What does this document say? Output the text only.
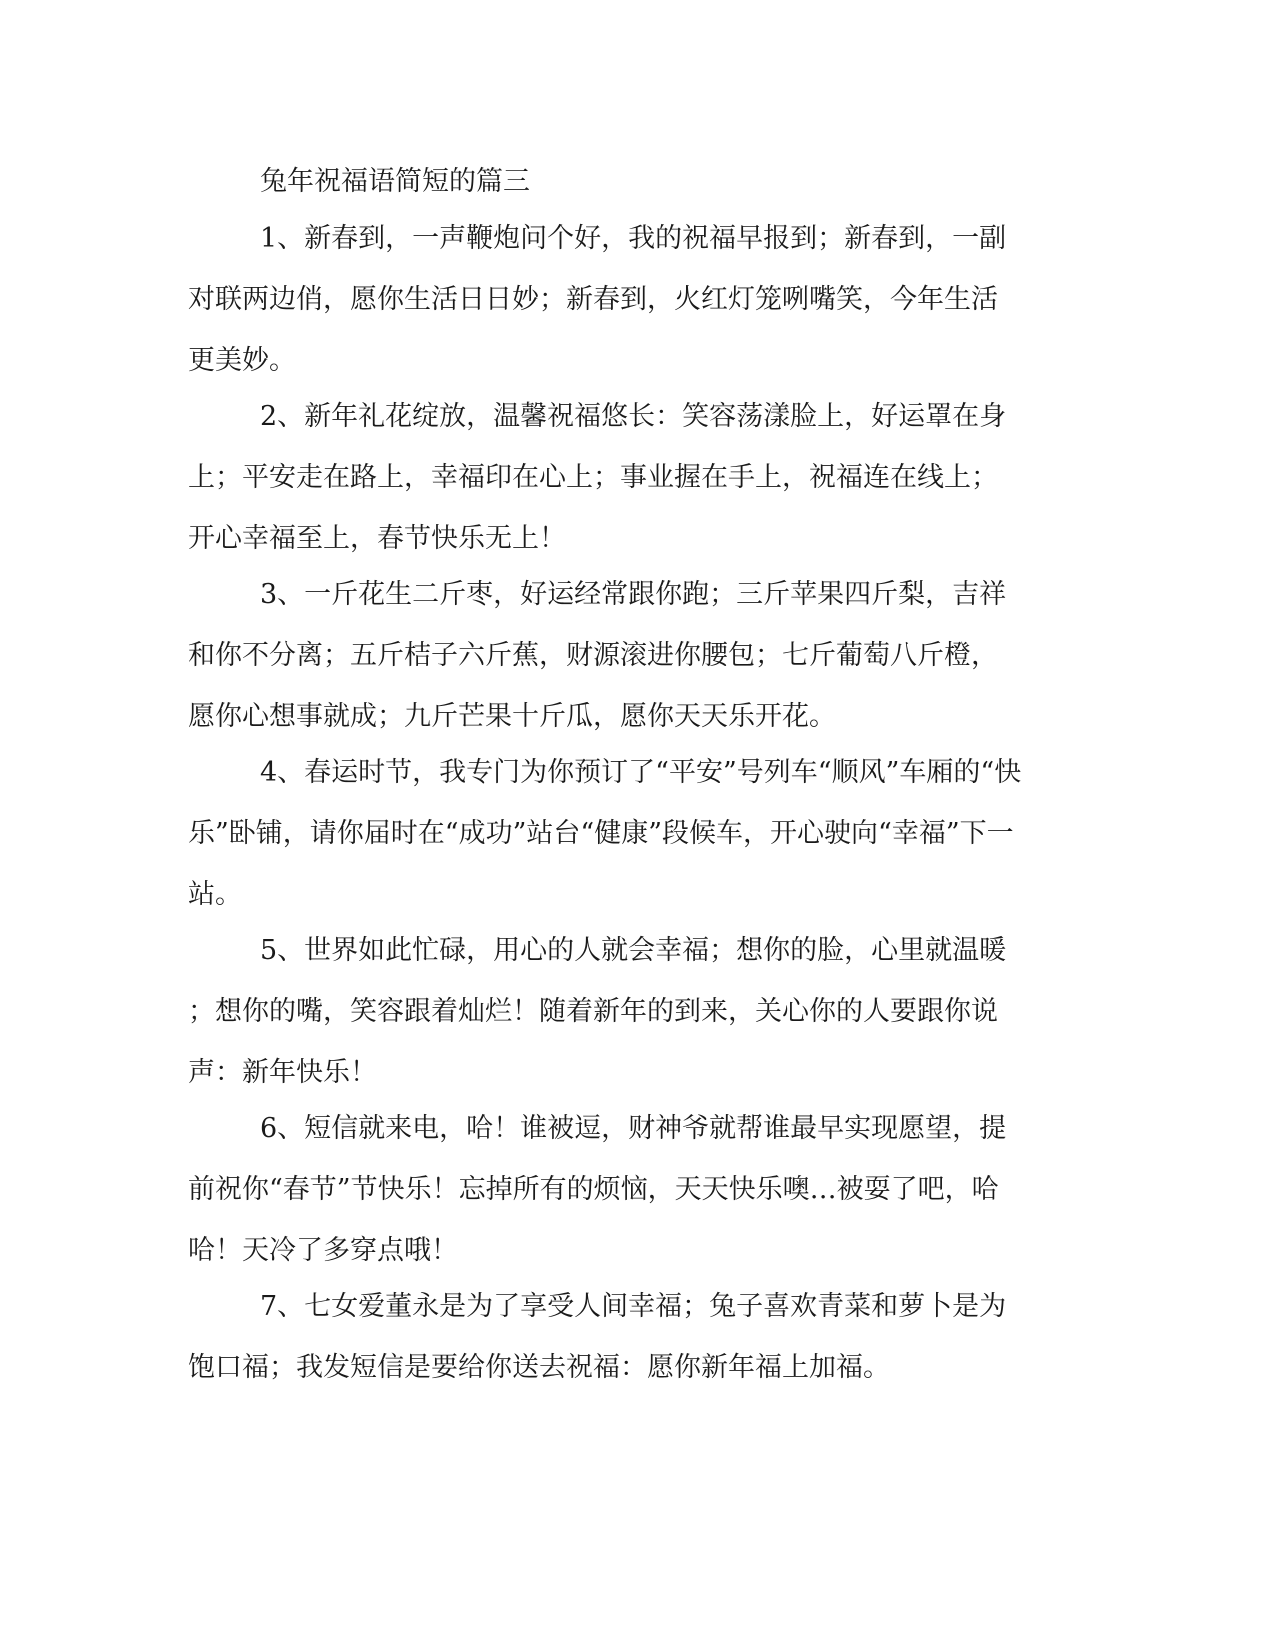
兔年祝福语简短的篇三
1、新春到，一声鞭炮问个好，我的祝福早报到；新春到，一副
对联两边俏，愿你生活日日妙；新春到，火红灯笼咧嘴笑，今年生活
更美妙。
2、新年礼花绽放，温馨祝福悠长：笑容荡漾脸上，好运罩在身
上；平安走在路上，幸福印在心上；事业握在手上，祝福连在线上；
开心幸福至上，春节快乐无上！
3、一斤花生二斤枣，好运经常跟你跑；三斤苹果四斤梨，吉祥
和你不分离；五斤桔子六斤蕉，财源滚进你腰包；七斤葡萄八斤橙，
愿你心想事就成；九斤芒果十斤瓜，愿你天天乐开花。
4、春运时节，我专门为你预订了“平安”号列车“顺风”车厢的“快
乐”卧铺，请你届时在“成功”站台“健康”段候车，开心驶向“幸福”下一
站。
5、世界如此忙碌，用心的人就会幸福；想你的脸，心里就温暖
；想你的嘴，笑容跟着灿烂！随着新年的到来，关心你的人要跟你说
声：新年快乐！
6、短信就来电，哈！谁被逗，财神爷就帮谁最早实现愿望，提
前祝你“春节”节快乐！忘掉所有的烦恼，天天快乐噢…被耍了吧，哈
哈！天冷了多穿点哦！
7、七女爱董永是为了享受人间幸福；兔子喜欢青菜和萝卜是为
饱口福；我发短信是要给你送去祝福：愿你新年福上加福。
